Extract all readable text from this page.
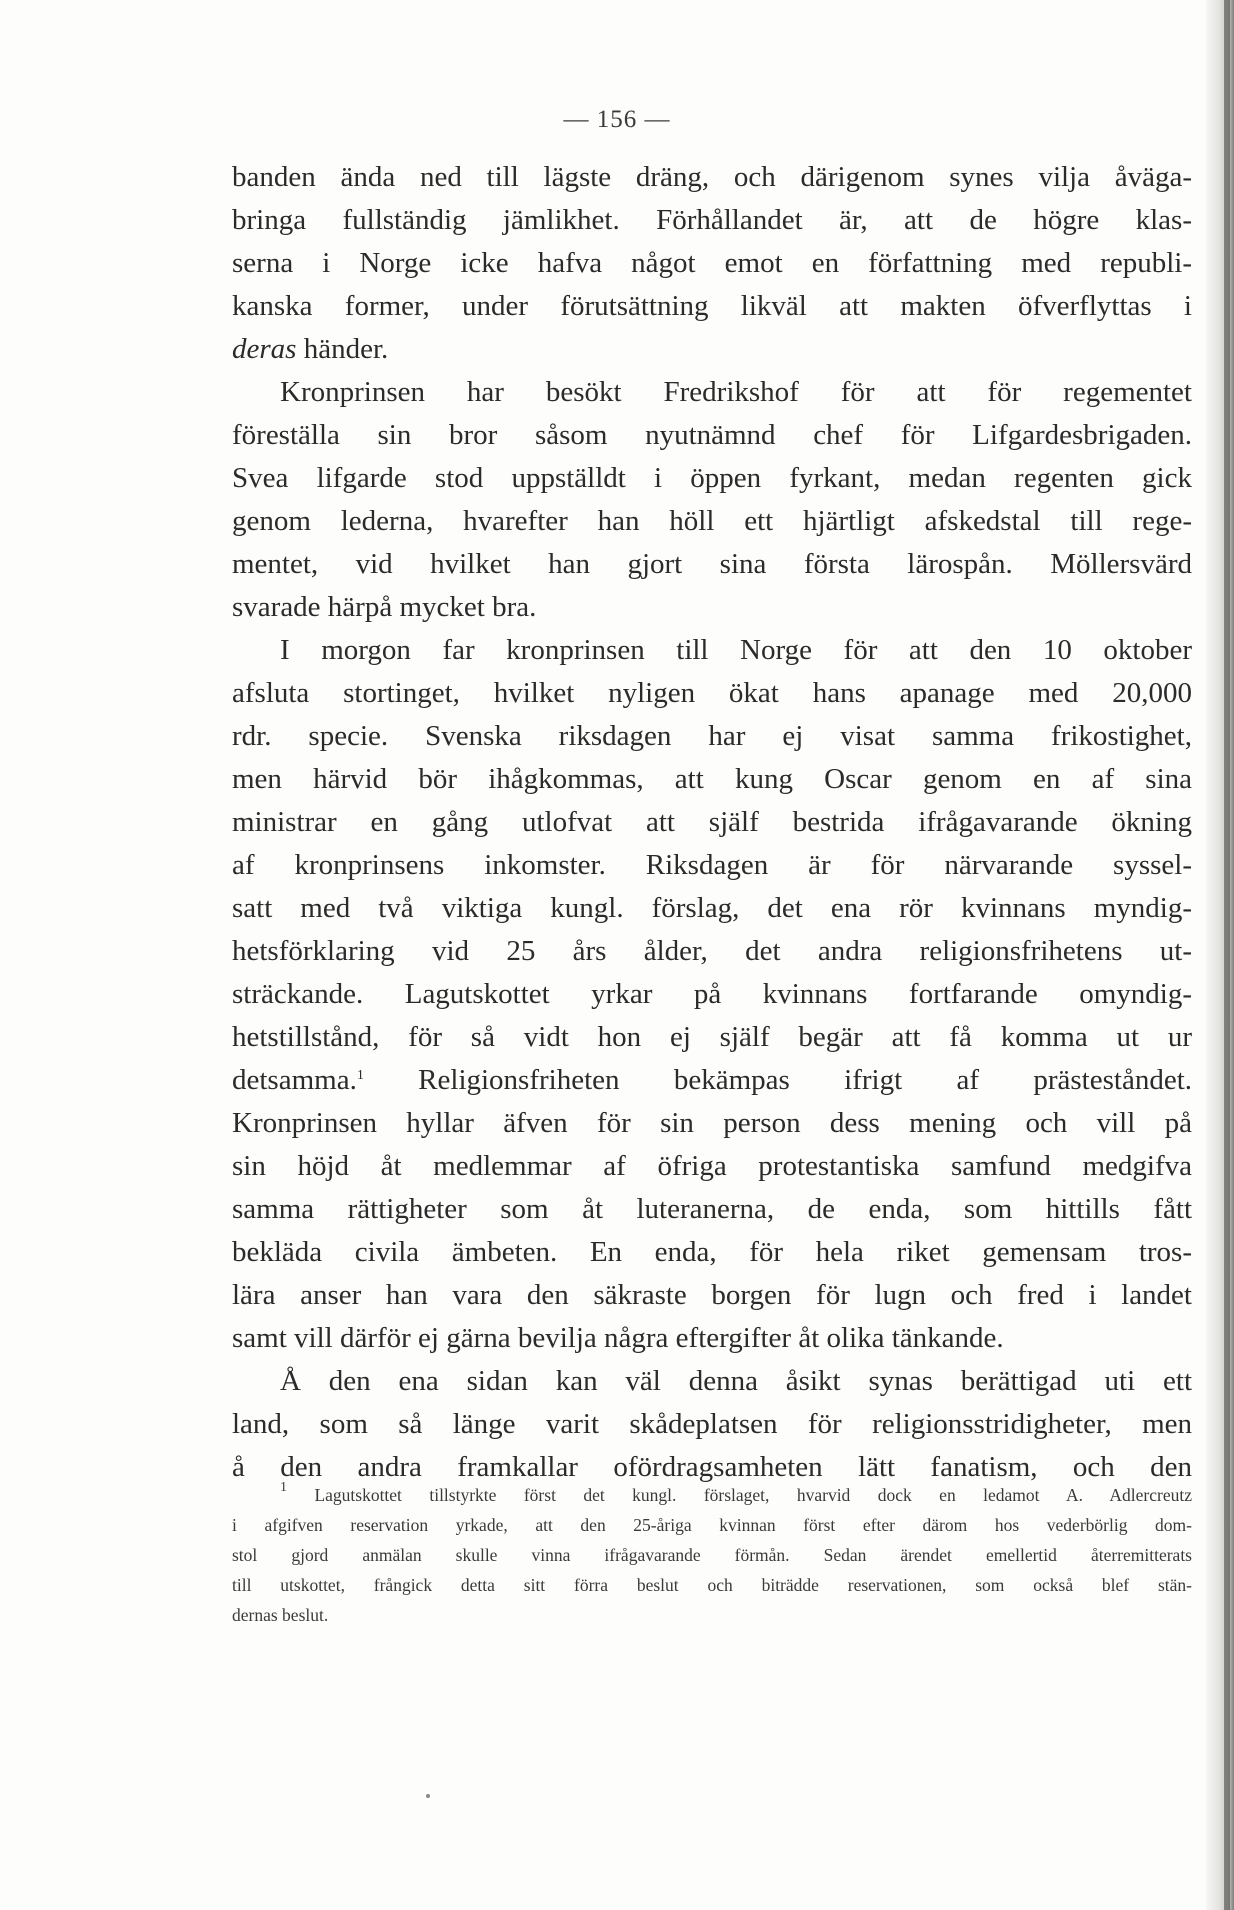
— 156 —
banden ända ned till lägste dräng, och därigenom synes vilja åväga-
bringa fullständig jämlikhet. Förhållandet är, att de högre klas-
serna i Norge icke hafva något emot en författning med republi-
kanska former, under förutsättning likväl att makten öfverflyttas i
deras händer.
Kronprinsen har besökt Fredrikshof för att för regementet
föreställa sin bror såsom nyutnämnd chef för Lifgardesbrigaden.
Svea lifgarde stod uppställdt i öppen fyrkant, medan regenten gick
genom lederna, hvarefter han höll ett hjärtligt afskedstal till rege-
mentet, vid hvilket han gjort sina första lärospån. Möllersvärd
svarade härpå mycket bra.
I morgon far kronprinsen till Norge för att den 10 oktober
afsluta stortinget, hvilket nyligen ökat hans apanage med 20,000
rdr. specie. Svenska riksdagen har ej visat samma frikostighet,
men härvid bör ihågkommas, att kung Oscar genom en af sina
ministrar en gång utlofvat att själf bestrida ifrågavarande ökning
af kronprinsens inkomster. Riksdagen är för närvarande syssel-
satt med två viktiga kungl. förslag, det ena rör kvinnans myndig-
hetsförklaring vid 25 års ålder, det andra religionsfrihetens ut-
sträckande. Lagutskottet yrkar på kvinnans fortfarande omyndig-
hetstillstånd, för så vidt hon ej själf begär att få komma ut ur
detsamma.$^1$ Religionsfriheten bekämpas ifrigt af prästeståndet.
Kronprinsen hyllar äfven för sin person dess mening och vill på
sin höjd åt medlemmar af öfriga protestantiska samfund medgifva
samma rättigheter som åt luteranerna, de enda, som hittills fått
bekläda civila ämbeten. En enda, för hela riket gemensam tros-
lära anser han vara den säkraste borgen för lugn och fred i landet
samt vill därför ej gärna bevilja några eftergifter åt olika tänkande.
Å den ena sidan kan väl denna åsikt synas berättigad uti ett
land, som så länge varit skådeplatsen för religionsstridigheter, men
å den andra framkallar ofördragsamheten lätt fanatism, och den
$^1$ Lagutskottet tillstyrkte först det kungl. förslaget, hvarvid dock en ledamot A. Adlercreutz
i afgifven reservation yrkade, att den 25-åriga kvinnan först efter därom hos vederbörlig dom-
stol gjord anmälan skulle vinna ifrågavarande förmån. Sedan ärendet emellertid återremitterats
till utskottet, frångick detta sitt förra beslut och biträdde reservationen, som också blef stän-
dernas beslut.
